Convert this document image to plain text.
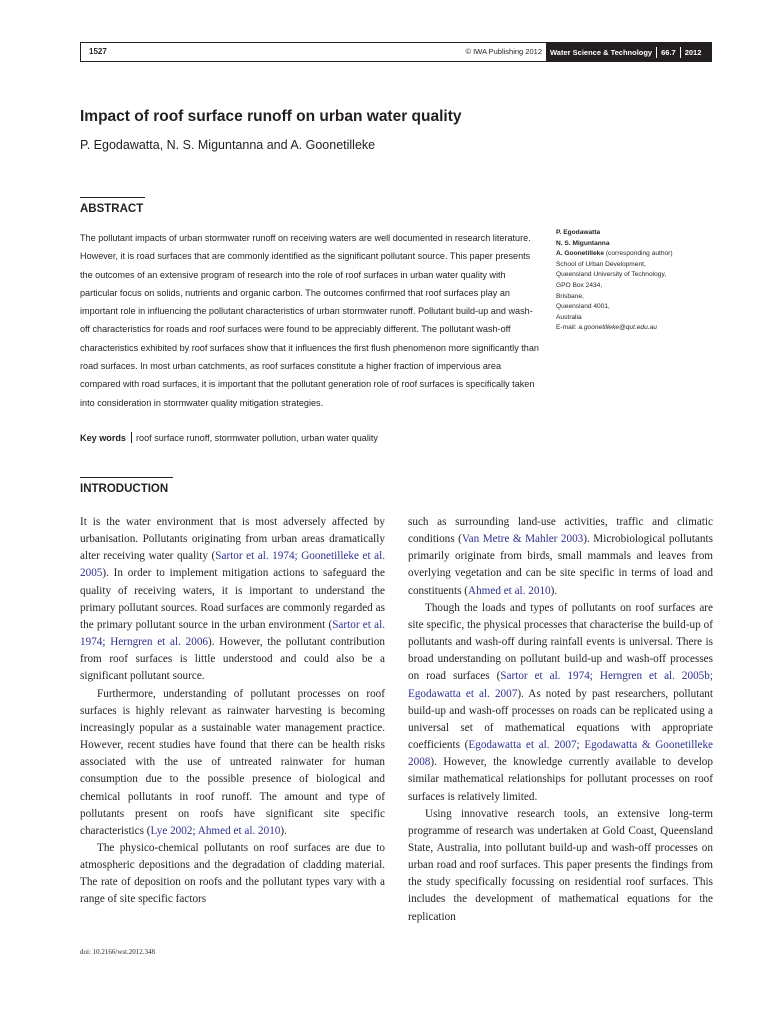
1527	© IWA Publishing 2012 Water Science & Technology 66.7 2012
Impact of roof surface runoff on urban water quality

P. Egodawatta, N. S. Miguntanna and A. Goonetilleke

ABSTRACT

The pollutant impacts of urban stormwater runoff on receiving waters are well documented in research literature. However, it is road surfaces that are commonly identified as the significant pollutant source. This paper presents the outcomes of an extensive program of research into the role of roof surfaces in urban water quality with particular focus on solids, nutrients and organic carbon. The outcomes confirmed that roof surfaces play an important role in influencing the pollutant characteristics of urban stormwater runoff. Pollutant build-up and wash-off characteristics for roads and roof surfaces were found to be appreciably different. The pollutant wash-off characteristics exhibited by roof surfaces show that it influences the first flush phenomenon more significantly than road surfaces. In most urban catchments, as roof surfaces constitute a higher fraction of impervious area compared with road surfaces, it is important that the pollutant generation role of roof surfaces is specifically taken into consideration in stormwater quality mitigation strategies.

Key words roof surface runoff, stormwater pollution, urban water quality
P. Egodawatta
N. S. Miguntanna
A. Goonetilleke (corresponding author)
School of Urban Development,
Queensland University of Technology,
GPO Box 2434,
Brisbane,
Queensland 4001,
Australia
E-mail: a.goonetilleke@qut.edu.au
INTRODUCTION

It is the water environment that is most adversely affected by urbanisation. Pollutants originating from urban areas dramatically alter receiving water quality (Sartor et al. 1974; Goonetilleke et al. 2005). In order to implement mitigation actions to safeguard the quality of receiving waters, it is important to understand the primary pollutant sources. Road surfaces are commonly regarded as the primary pollutant source in the urban environment (Sartor et al. 1974; Herngren et al. 2006). However, the pollutant contribution from roof surfaces is little understood and could also be a significant pollutant source.

Furthermore, understanding of pollutant processes on roof surfaces is highly relevant as rainwater harvesting is becoming increasingly popular as a sustainable water management practice. However, recent studies have found that there can be health risks associated with the use of untreated rainwater for human consumption due to the possible presence of biological and chemical pollutants in roof runoff. The amount and type of pollutants present on roofs have significant site specific characteristics (Lye 2002; Ahmed et al. 2010).

The physico-chemical pollutants on roof surfaces are due to atmospheric depositions and the degradation of cladding material. The rate of deposition on roofs and the pollutant types vary with a range of site specific factors

such as surrounding land-use activities, traffic and climatic conditions (Van Metre & Mahler 2003). Microbiological pollutants primarily originate from birds, small mammals and leaves from overlying vegetation and can be site specific in terms of load and constituents (Ahmed et al. 2010).

Though the loads and types of pollutants on roof surfaces are site specific, the physical processes that characterise the build-up of pollutants and wash-off during rainfall events is universal. There is broad understanding on pollutant build-up and wash-off processes on road surfaces (Sartor et al. 1974; Herngren et al. 2005b; Egodawatta et al. 2007). As noted by past researchers, pollutant build-up and wash-off processes on roads can be replicated using a universal set of mathematical equations with appropriate coefficients (Egodawatta et al. 2007; Egodawatta & Goonetilleke 2008). However, the knowledge currently available to develop similar mathematical relationships for pollutant processes on roof surfaces is relatively limited.

Using innovative research tools, an extensive long-term programme of research was undertaken at Gold Coast, Queensland State, Australia, into pollutant build-up and wash-off processes on urban road and roof surfaces. This paper presents the findings from the study specifically focussing on residential roof surfaces. This includes the development of mathematical equations for the replication

doi: 10.2166/wst.2012.348
